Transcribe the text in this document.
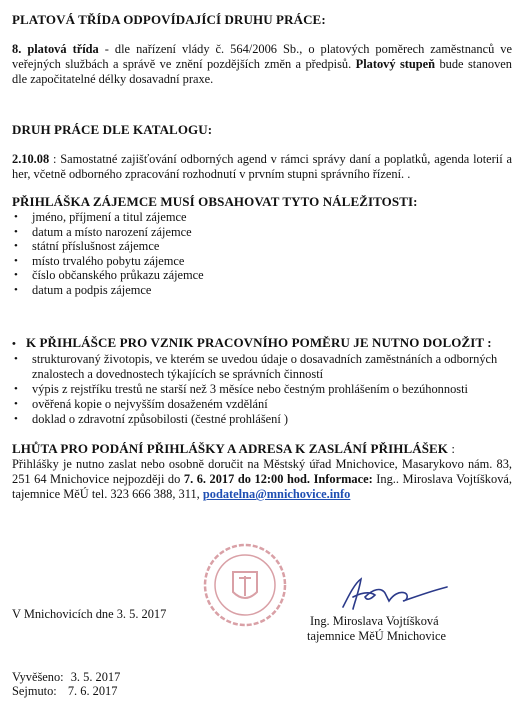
PLATOVÁ TŘÍDA ODPOVÍDAJÍCÍ DRUHU PRÁCE:
8. platová třída - dle nařízení vlády č. 564/2006 Sb., o platových poměrech zaměstnanců ve veřejných službách a správě ve znění pozdějších změn a předpisů. Platový stupeň bude stanoven dle započitatelné délky dosavadní praxe.
DRUH PRÁCE DLE KATALOGU:
2.10.08 : Samostatné zajišťování odborných agend v rámci správy daní a poplatků, agenda loterií a her, včetně odborného zpracování rozhodnutí v prvním stupni správního řízení. .
PŘIHLÁŠKA ZÁJEMCE MUSÍ OBSAHOVAT TYTO NÁLEŽITOSTI:
• jméno, příjmení a titul zájemce
• datum a místo narození zájemce
• státní příslušnost zájemce
• místo trvalého pobytu zájemce
• číslo občanského průkazu zájemce
• datum a podpis zájemce
• K PŘIHLÁŠCE PRO VZNIK PRACOVNÍHO POMĚRU JE NUTNO DOLOŽIT :
• strukturovaný životopis, ve kterém se uvedou údaje o dosavadních zaměstnáních a odborných znalostech a dovednostech týkajících se správních činností
• výpis z rejstříku trestů ne starší než 3 měsíce nebo čestným prohlášením o bezúhonnosti
• ověřená kopie o nejvyšším dosaženém vzdělání
• doklad o zdravotní způsobilosti (čestné prohlášení )
LHŮTA PRO PODÁNÍ PŘIHLÁŠKY A ADRESA K ZASLÁNÍ PŘIHLÁŠEK :
Přihlášky je nutno zaslat nebo osobně doručit na Městský úřad Mnichovice, Masarykovo nám. 83, 251 64 Mnichovice nejpozději do 7. 6. 2017 do 12:00 hod. Informace: Ing.. Miroslava Vojtíšková, tajemnice MěÚ tel. 323 666 388, 311, podatelna@mnichovice.info
V Mnichovicích dne 3. 5. 2017	Ing. Miroslava Vojtíšková
tajemnice MěÚ Mnichovice
Vyvěšeno: 3. 5. 2017
Sejmuto: 7. 6. 2017
